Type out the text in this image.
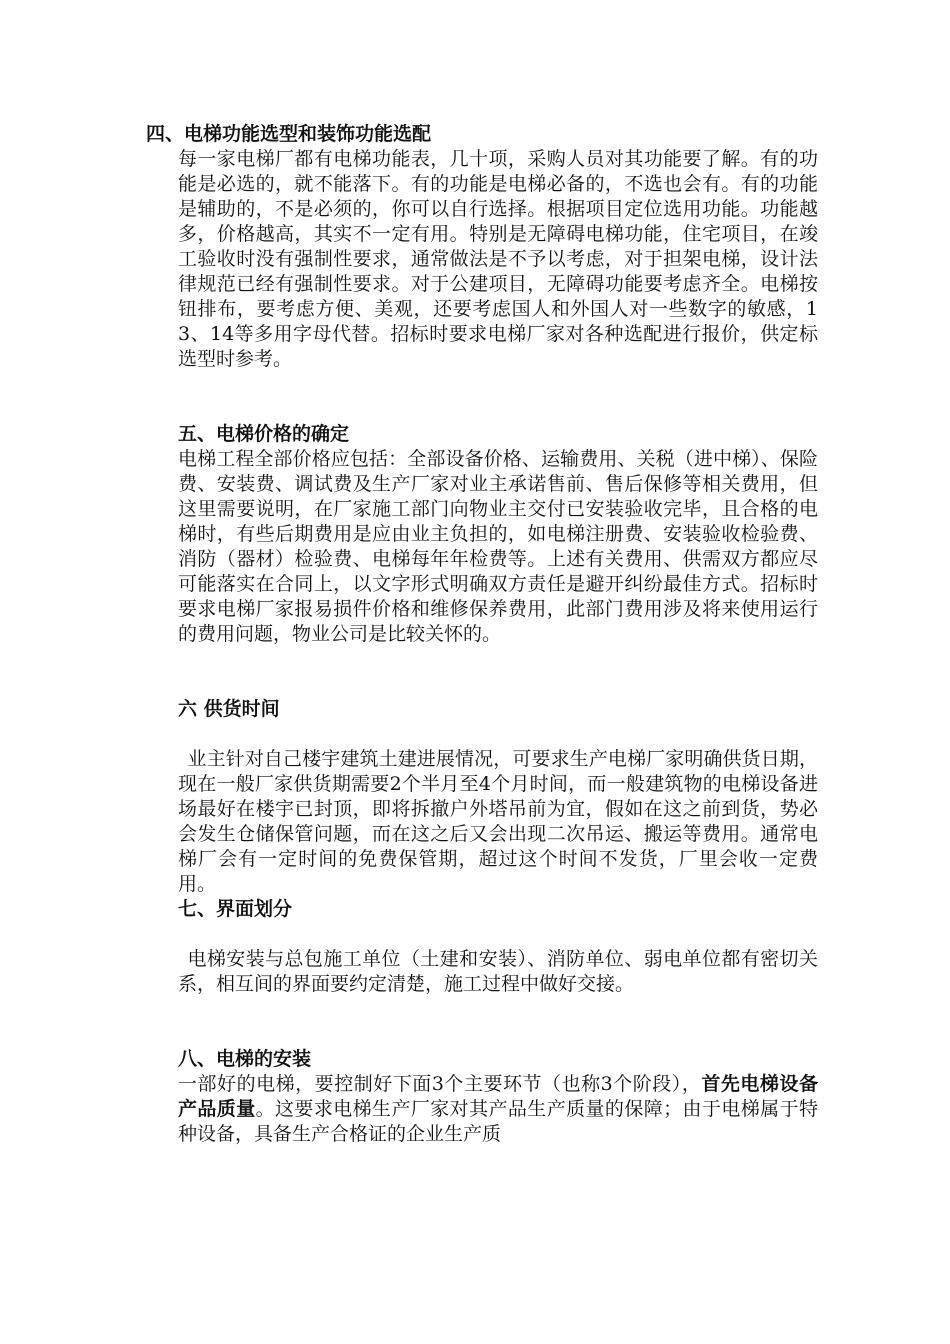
四、电梯功能选型和装饰功能选配

每一家电梯厂都有电梯功能表，几十项，采购人员对其功能要了解。有的功能是必选的，就不能落下。有的功能是电梯必备的，不选也会有。有的功能是辅助的，不是必须的，你可以自行选择。根据项目定位选用功能。功能越多，价格越高，其实不一定有用。特别是无障碍电梯功能，住宅项目，在竣工验收时没有强制性要求，通常做法是不予以考虑，对于担架电梯，设计法律规范已经有强制性要求。对于公建项目，无障碍功能要考虑齐全。电梯按钮排布，要考虑方便、美观，还要考虑国人和外国人对一些数字的敏感，13、14等多用字母代替。招标时要求电梯厂家对各种选配进行报价，供定标选型时参考。

五、电梯价格的确定

电梯工程全部价格应包括：全部设备价格、运输费用、关税（进中梯）、保险费、安装费、调试费及生产厂家对业主承诺售前、售后保修等相关费用，但这里需要说明，在厂家施工部门向物业主交付已安装验收完毕，且合格的电梯时，有些后期费用是应由业主负担的，如电梯注册费、安装验收检验费、消防（器材）检验费、电梯每年年检费等。上述有关费用、供需双方都应尽可能落实在合同上，以文字形式明确双方责任是避开纠纷最佳方式。招标时要求电梯厂家报易损件价格和维修保养费用，此部门费用涉及将来使用运行的费用问题，物业公司是比较关怀的。

六 供货时间

业主针对自己楼宇建筑土建进展情况，可要求生产电梯厂家明确供货日期，现在一般厂家供货期需要2个半月至4个月时间，而一般建筑物的电梯设备进场最好在楼宇已封顶，即将拆撤户外塔吊前为宜，假如在这之前到货，势必会发生仓储保管问题，而在这之后又会出现二次吊运、搬运等费用。通常电梯厂会有一定时间的免费保管期，超过这个时间不发货，厂里会收一定费用。

七、界面划分

电梯安装与总包施工单位（土建和安装）、消防单位、弱电单位都有密切关系，相互间的界面要约定清楚，施工过程中做好交接。

八、电梯的安装

一部好的电梯，要控制好下面3个主要环节（也称3个阶段），首先电梯设备产品质量。这要求电梯生产厂家对其产品生产质量的保障；由于电梯属于特种设备，具备生产合格证的企业生产质
